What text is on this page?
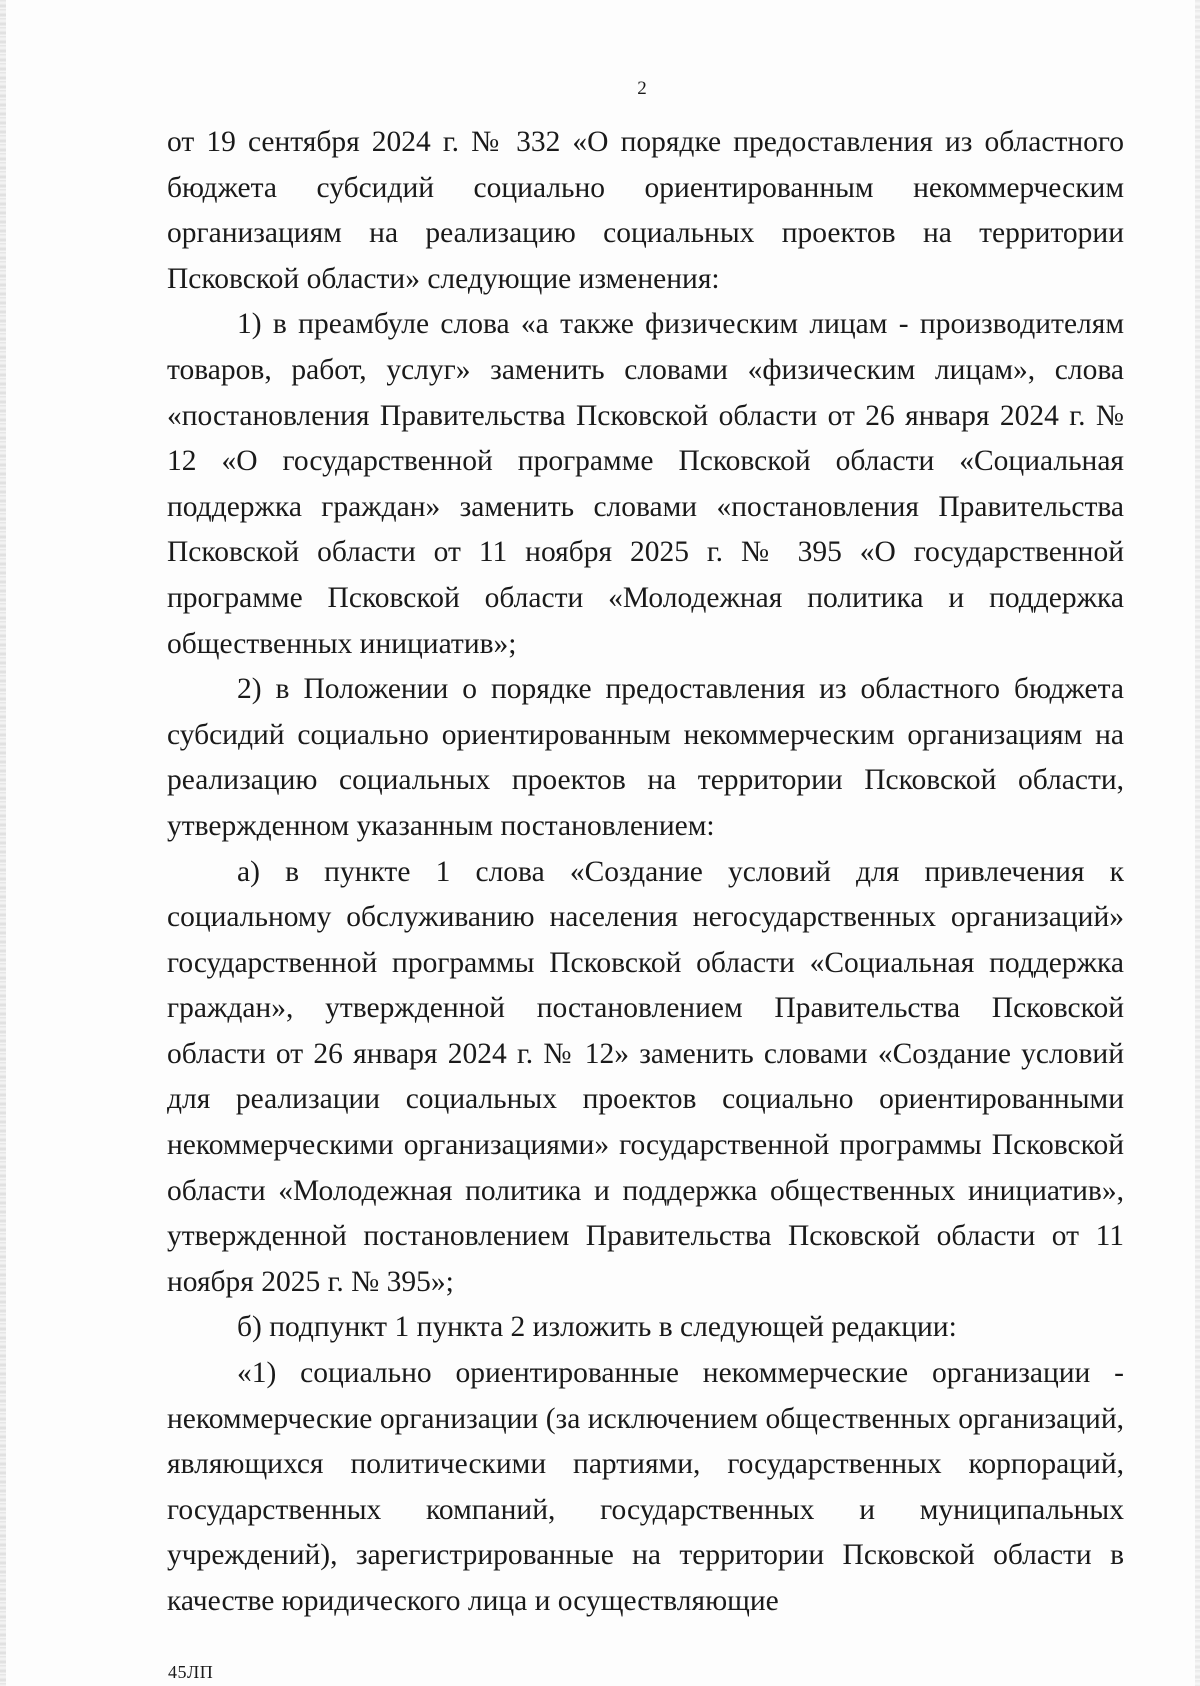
2

от 19 сентября 2024 г. № 332 «О порядке предоставления из областного бюджета субсидий социально ориентированным некоммерческим организациям на реализацию социальных проектов на территории Псковской области» следующие изменения:

1) в преамбуле слова «а также физическим лицам - производителям товаров, работ, услуг» заменить словами «физическим лицам», слова «постановления Правительства Псковской области от 26 января 2024 г. № 12 «О государственной программе Псковской области «Социальная поддержка граждан» заменить словами «постановления Правительства Псковской области от 11 ноября 2025 г. № 395 «О государственной программе Псковской области «Молодежная политика и поддержка общественных инициатив»;

2) в Положении о порядке предоставления из областного бюджета субсидий социально ориентированным некоммерческим организациям на реализацию социальных проектов на территории Псковской области, утвержденном указанным постановлением:

а) в пункте 1 слова «Создание условий для привлечения к социальному обслуживанию населения негосударственных организаций» государственной программы Псковской области «Социальная поддержка граждан», утвержденной постановлением Правительства Псковской области от 26 января 2024 г. № 12» заменить словами «Создание условий для реализации социальных проектов социально ориентированными некоммерческими организациями» государственной программы Псковской области «Молодежная политика и поддержка общественных инициатив», утвержденной постановлением Правительства Псковской области от 11 ноября 2025 г. № 395»;

б) подпункт 1 пункта 2 изложить в следующей редакции:

«1) социально ориентированные некоммерческие организации - некоммерческие организации (за исключением общественных организаций, являющихся политическими партиями, государственных корпораций, государственных компаний, государственных и муниципальных учреждений), зарегистрированные на территории Псковской области в качестве юридического лица и осуществляющие

45ЛП
